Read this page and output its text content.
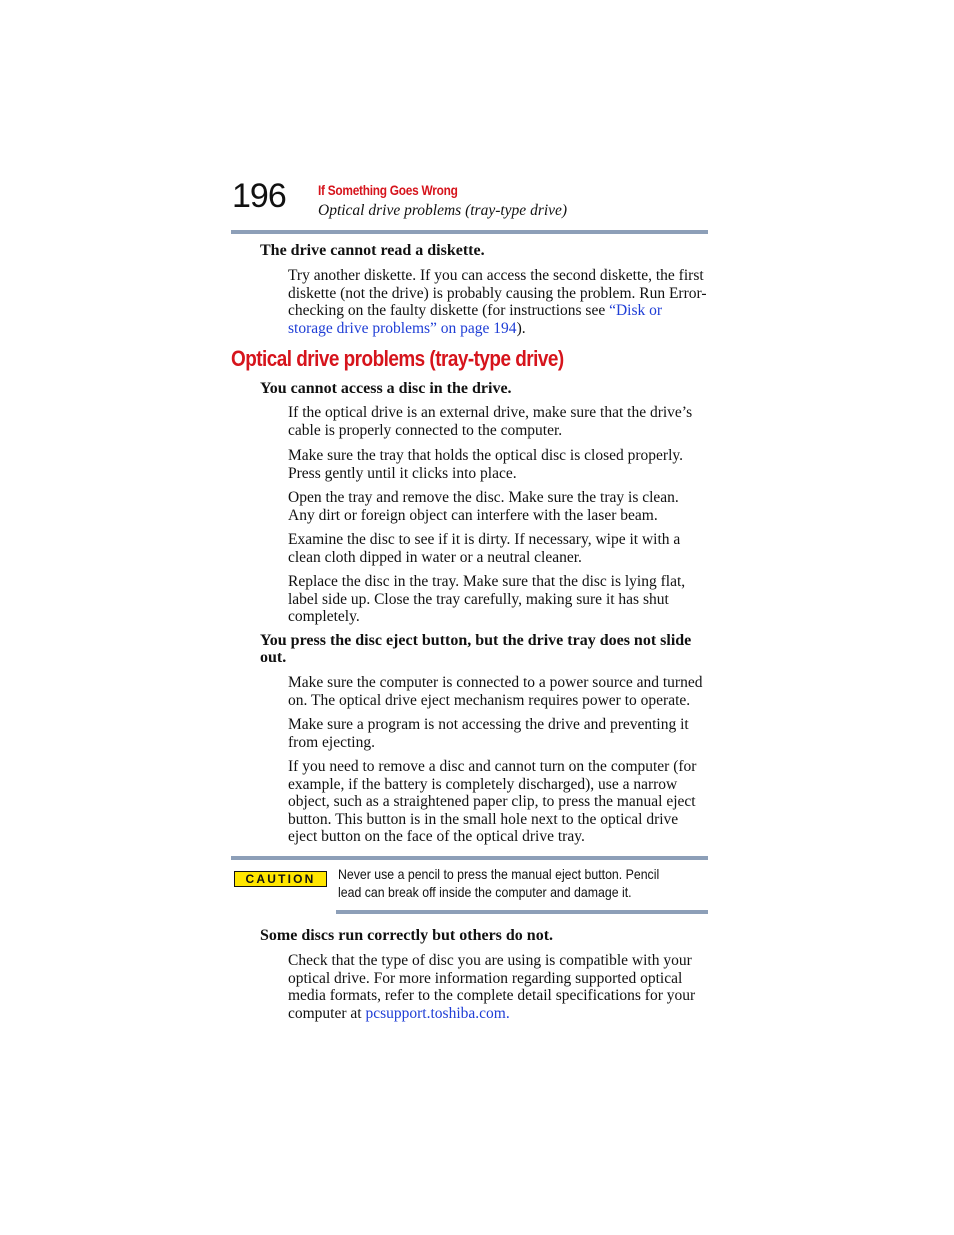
196 If Something Goes Wrong
Optical drive problems (tray-type drive)
The drive cannot read a diskette.
Try another diskette. If you can access the second diskette, the first diskette (not the drive) is probably causing the problem. Run Error-checking on the faulty diskette (for instructions see “Disk or storage drive problems” on page 194).
Optical drive problems (tray-type drive)
You cannot access a disc in the drive.
If the optical drive is an external drive, make sure that the drive’s cable is properly connected to the computer.
Make sure the tray that holds the optical disc is closed properly. Press gently until it clicks into place.
Open the tray and remove the disc. Make sure the tray is clean. Any dirt or foreign object can interfere with the laser beam.
Examine the disc to see if it is dirty. If necessary, wipe it with a clean cloth dipped in water or a neutral cleaner.
Replace the disc in the tray. Make sure that the disc is lying flat, label side up. Close the tray carefully, making sure it has shut completely.
You press the disc eject button, but the drive tray does not slide out.
Make sure the computer is connected to a power source and turned on. The optical drive eject mechanism requires power to operate.
Make sure a program is not accessing the drive and preventing it from ejecting.
If you need to remove a disc and cannot turn on the computer (for example, if the battery is completely discharged), use a narrow object, such as a straightened paper clip, to press the manual eject button. This button is in the small hole next to the optical drive eject button on the face of the optical drive tray.
CAUTION	Never use a pencil to press the manual eject button. Pencil lead can break off inside the computer and damage it.
Some discs run correctly but others do not.
Check that the type of disc you are using is compatible with your optical drive. For more information regarding supported optical media formats, refer to the complete detail specifications for your computer at pcsupport.toshiba.com.
